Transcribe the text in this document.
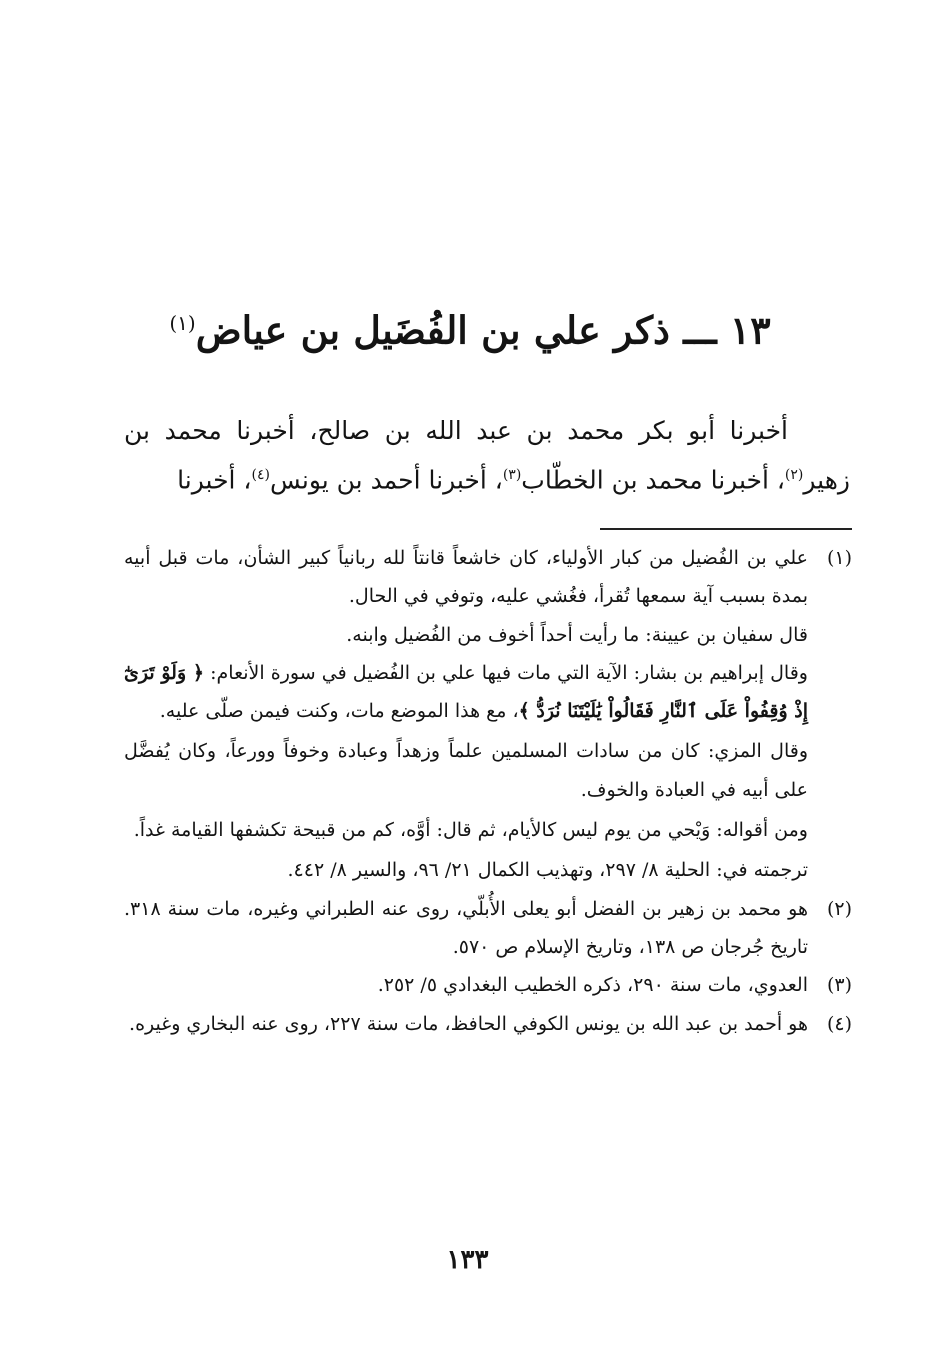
١٣ ـــ ذكر علي بن الفُضَيل بن عياض$^{(١)}$

أخبرنا أبو بكر محمد بن عبد الله بن صالح، أخبرنا محمد بن زهير$^{(٢)}$، أخبرنا محمد بن الخطّاب$^{(٣)}$، أخبرنا أحمد بن يونس$^{(٤)}$، أخبرنا

(١)

علي بن الفُضيل من كبار الأولياء، كان خاشعاً قانتاً لله ربانياً كبير الشأن، مات قبل أبيه بمدة بسبب آية سمعها تُقرأ، فغُشي عليه، وتوفي في الحال.

قال سفيان بن عيينة: ما رأيت أحداً أخوف من الفُضيل وابنه.

وقال إبراهيم بن بشار: الآية التي مات فيها علي بن الفُضيل في سورة الأنعام: ﴿ وَلَوْ تَرَىٰٓ إِذْ وُقِفُواْ عَلَى ٱلنَّارِ فَقَالُواْ يَٰلَيْتَنَا نُرَدُّ ﴾، مع هذا الموضع مات، وكنت فيمن صلّى عليه.

وقال المزي: كان من سادات المسلمين علماً وزهداً وعبادة وخوفاً وورعاً، وكان يُفضَّل على أبيه في العبادة والخوف.

ومن أقواله: وَيْحي من يوم ليس كالأيام، ثم قال: أوَّه، كم من قبيحة تكشفها القيامة غداً.

ترجمته في: الحلية ٨/ ٢٩٧، وتهذيب الكمال ٢١/ ٩٦، والسير ٨/ ٤٤٢.

(٢)

هو محمد بن زهير بن الفضل أبو يعلى الأُبلّي، روى عنه الطبراني وغيره، مات سنة ٣١٨. تاريخ جُرجان ص ١٣٨، وتاريخ الإسلام ص ٥٧٠.

(٣)

العدوي، مات سنة ٢٩٠، ذكره الخطيب البغدادي ٥/ ٢٥٢.

(٤)

هو أحمد بن عبد الله بن يونس الكوفي الحافظ، مات سنة ٢٢٧، روى عنه البخاري وغيره.

١٣٣
